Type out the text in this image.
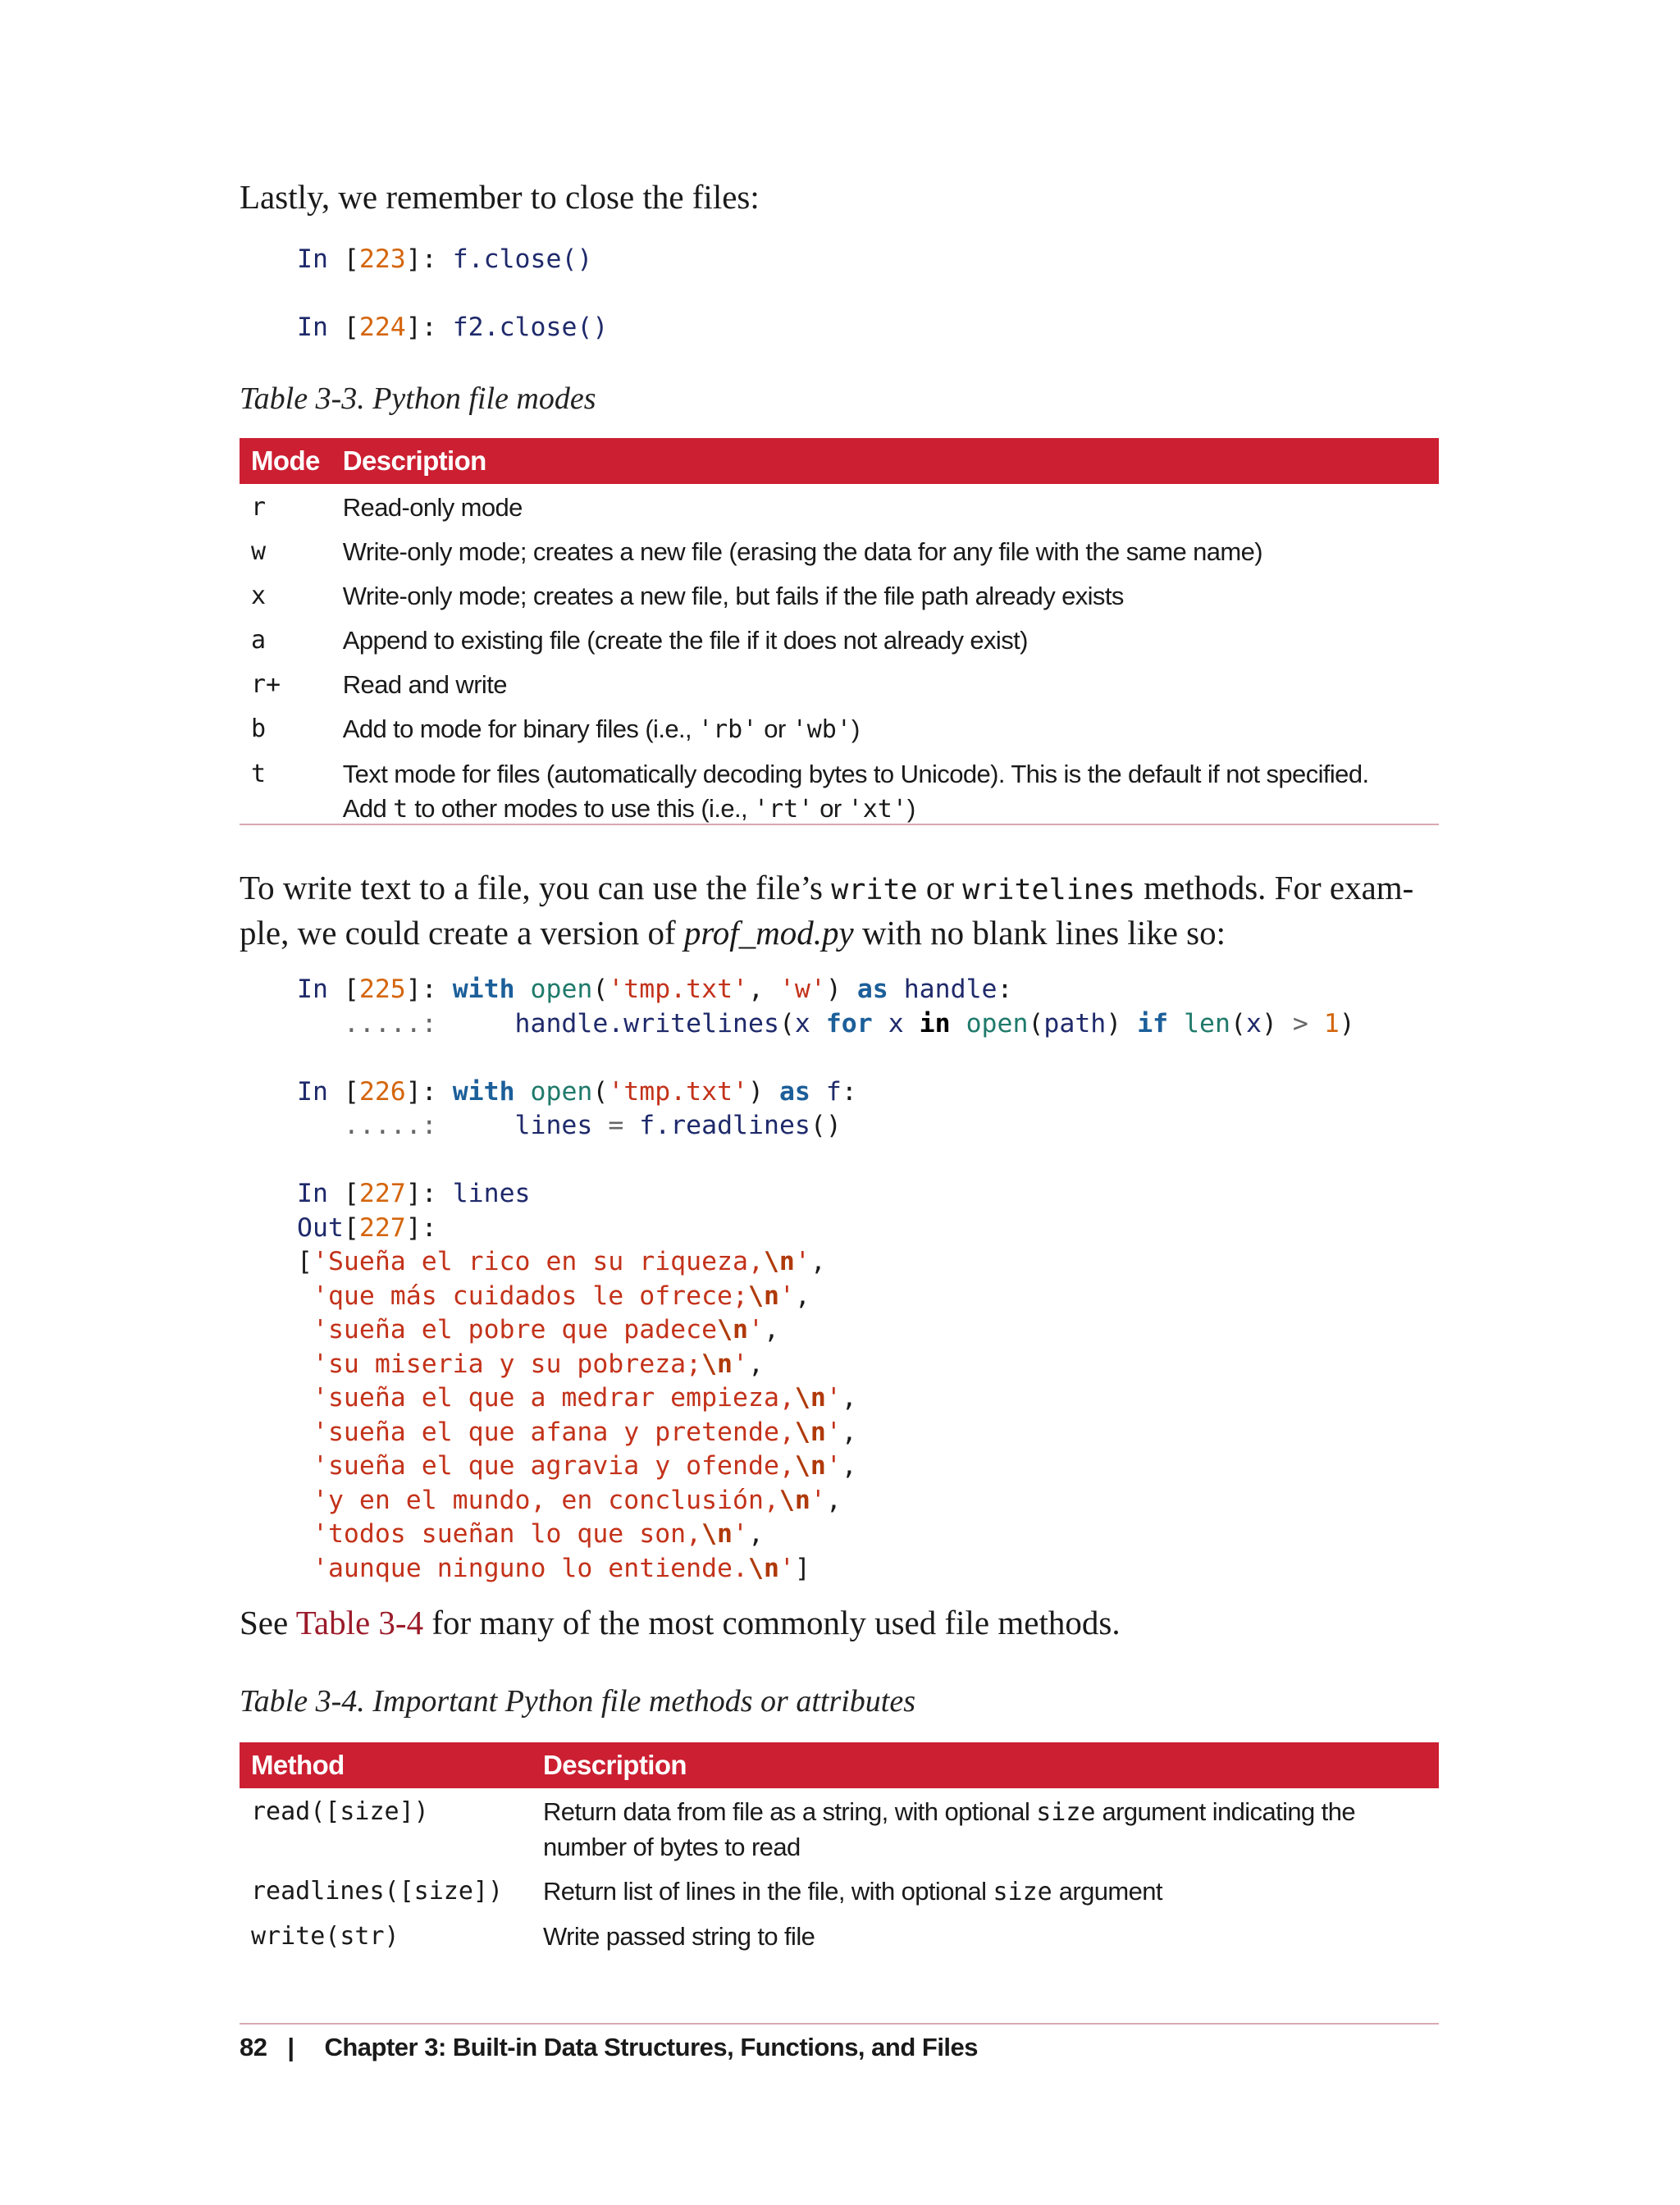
Lastly, we remember to close the files:

In [223]: f.close()

In [224]: f2.close()

Table 3-3. Python file modes

Mode	Description
r	Read-only mode
w	Write-only mode; creates a new file (erasing the data for any file with the same name)
x	Write-only mode; creates a new file, but fails if the file path already exists
a	Append to existing file (create the file if it does not already exist)
r+	Read and write
b	Add to mode for binary files (i.e., 'rb' or 'wb')
t	Text mode for files (automatically decoding bytes to Unicode). This is the default if not specified. Add t to other modes to use this (i.e., 'rt' or 'xt')

To write text to a file, you can use the file’s write or writelines methods. For exam-
ple, we could create a version of prof_mod.py with no blank lines like so:

In [225]: with open('tmp.txt', 'w') as handle:
.....:	handle.writelines(x for x in open(path) if len(x) > 1)

In [226]: with open('tmp.txt') as f:
.....:	lines = f.readlines()

In [227]: lines
Out[227]:
['Sueña el rico en su riqueza,\n',
'que más cuidados le ofrece;\n',
'sueña el pobre que padece\n',
'su miseria y su pobreza;\n',
'sueña el que a medrar empieza,\n',
'sueña el que afana y pretende,\n',
'sueña el que agravia y ofende,\n',
'y en el mundo, en conclusión,\n',
'todos sueñan lo que son,\n',
'aunque ninguno lo entiende.\n']

See Table 3-4 for many of the most commonly used file methods.

Table 3-4. Important Python file methods or attributes

Method	Description
read([size])	Return data from file as a string, with optional size argument indicating the number of bytes to read
readlines([size])	Return list of lines in the file, with optional size argument
write(str)	Write passed string to file
82 | Chapter 3: Built-in Data Structures, Functions, and Files
